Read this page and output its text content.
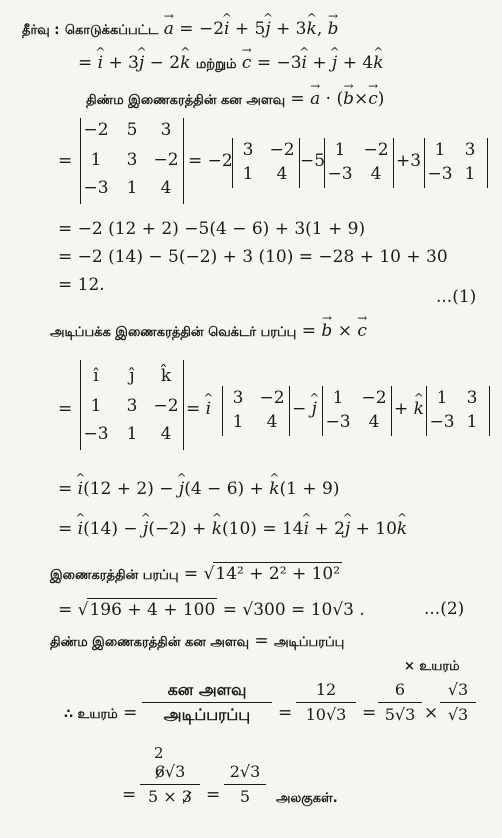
தீர்வு : கொடுக்கப்பட்ட → a = −2^ i + 5^ j + 3^ k, → b
= ^ i + 3^ j − 2^ k மற்றும் → c = −3^ i + ^ j + 4^ k
திண்ம இணைகரத்தின் கன அளவு = → a · (→ b×→ c)
=
−2	5	3
1	3 −2
−3	1	4
= −2
3 −2
1	4
−5
1	−2
−3	4
+3
1	3
−3 1
= −2 (12 + 2) −5(4 − 6) + 3(1 + 9)
= −2 (14) − 5(−2) + 3 (10) = −28 + 10 + 30
= 12.
...(1)
அடிப்பக்க இணைகரத்தின் வெக்டர் பரப்பு = → b × → c
=
î	ĵ	k̂
1	3 −2
−3	1	4
= ^ i
3 −2
1	4
− ^ j
1	−2
−3	4
+ ^ k
1	3
−3 1
= ^ i(12 + 2) − ^ j(4 − 6) + ^ k(1 + 9)
= ^ i(14) − ^ j(−2) + ^ k(10) = 14^ i + 2^ j + 10^ k
இணைகரத்தின் பரப்பு = √14² + 2² + 10²
= √196 + 4 + 100 = √300 = 10√3 .	...(2)
திண்ம இணைகரத்தின் கன அளவு = அடிப்பரப்பு
× உயரம்
∴ உயரம் =
கன அளவு
அடிப்பரப்பு	=
12
10√3 =
6
5√3 ×
√3
√3
2
=
6√3
5 × 3 =
2√3
5	அலகுகள்.
